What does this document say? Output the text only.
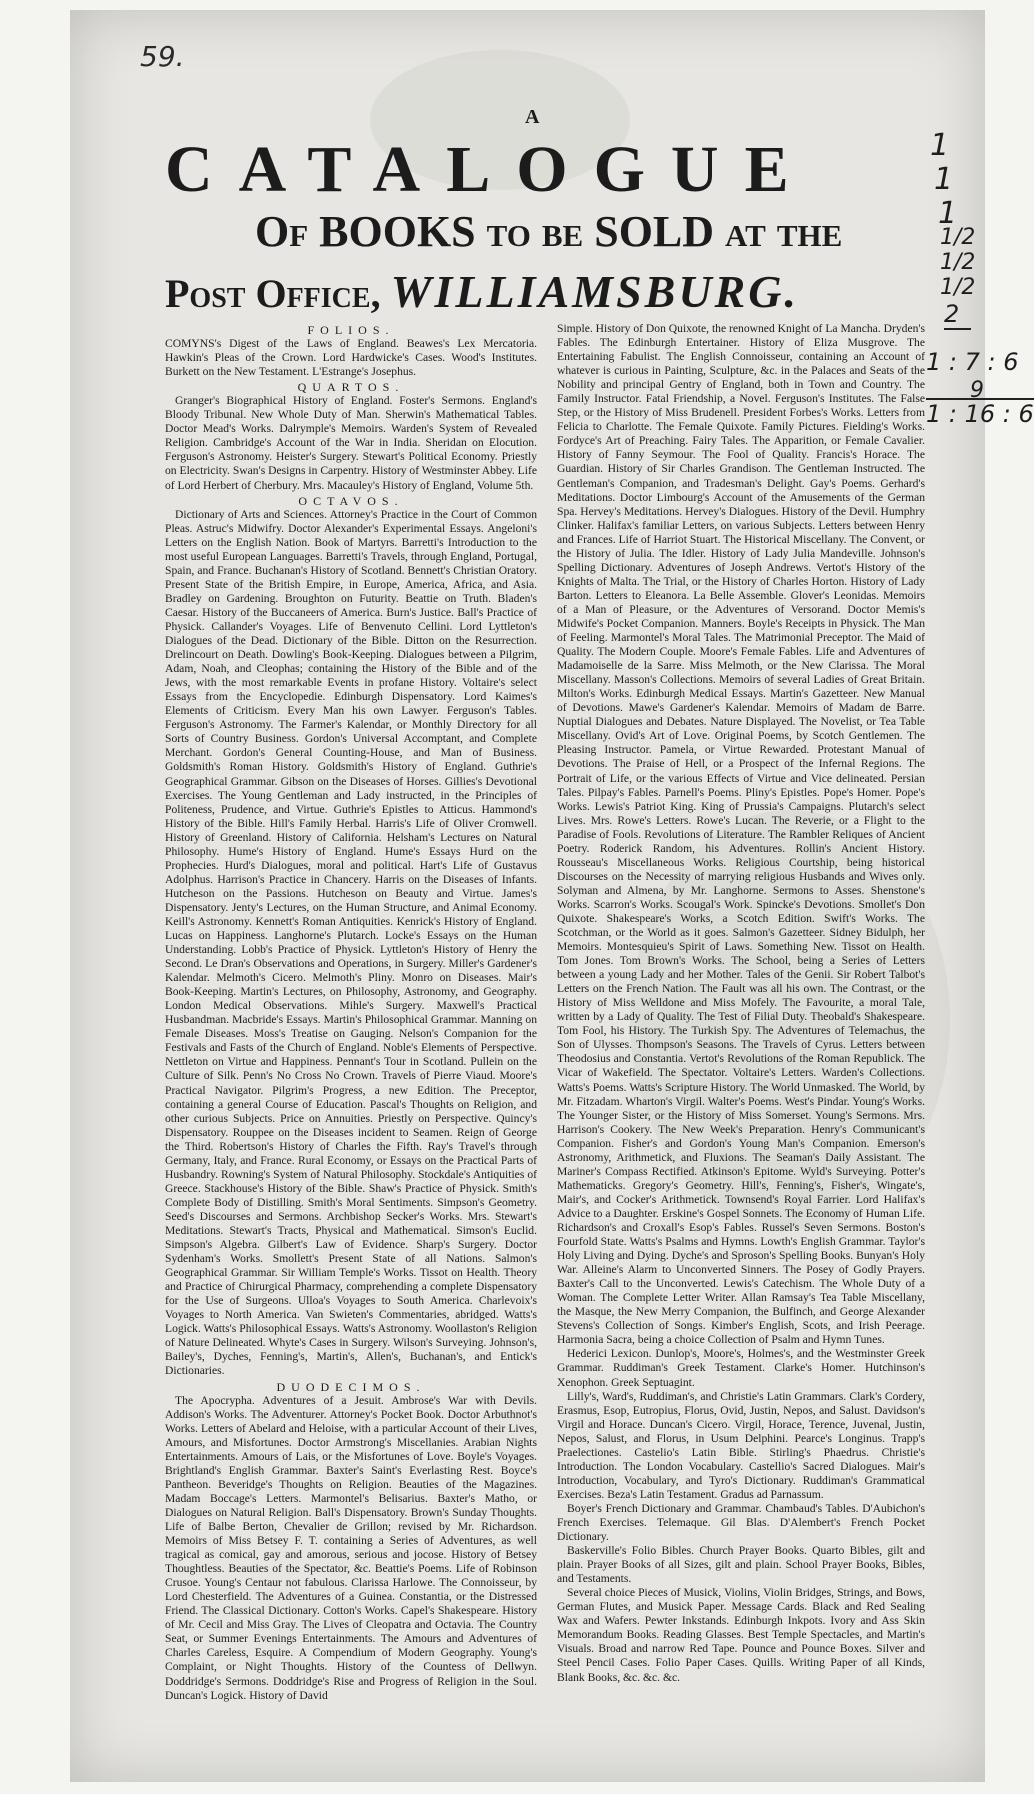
59.
A
CATALOGUE
Of BOOKS to be SOLD at the
Post Office, WILLIAMSBURG.
FOLIOS.

COMYNS's Digest of the Laws of England. Beawes's Lex Mercatoria. Hawkin's Pleas of the Crown. Lord Hardwicke's Cases. Wood's Institutes. Burkett on the New Testament. L'Estrange's Josephus.

QUARTOS.

Granger's Biographical History of England. Foster's Sermons. England's Bloody Tribunal. New Whole Duty of Man. Sherwin's Mathematical Tables. Doctor Mead's Works. Dalrymple's Memoirs. Warden's System of Revealed Religion. Cambridge's Account of the War in India. Sheridan on Elocution. Ferguson's Astronomy. Heister's Surgery. Stewart's Political Economy. Priestly on Electricity. Swan's Designs in Carpentry. History of Westminster Abbey. Life of Lord Herbert of Cherbury. Mrs. Macauley's History of England, Volume 5th.

OCTAVOS.

Dictionary of Arts and Sciences. Attorney's Practice in the Court of Common Pleas. Astruc's Midwifry. Doctor Alexander's Experimental Essays. Angeloni's Letters on the English Nation. Book of Martyrs. Barretti's Introduction to the most useful European Languages. Barretti's Travels, through England, Portugal, Spain, and France. Buchanan's History of Scotland. Bennett's Christian Oratory. Present State of the British Empire, in Europe, America, Africa, and Asia. Bradley on Gardening. Broughton on Futurity. Beattie on Truth. Bladen's Caesar. History of the Buccaneers of America. Burn's Justice. Ball's Practice of Physick. Callander's Voyages. Life of Benvenuto Cellini. Lord Lyttleton's Dialogues of the Dead. Dictionary of the Bible. Ditton on the Resurrection. Drelincourt on Death. Dowling's Book-Keeping. Dialogues between a Pilgrim, Adam, Noah, and Cleophas; containing the History of the Bible and of the Jews, with the most remarkable Events in profane History. Voltaire's select Essays from the Encyclopedie. Edinburgh Dispensatory. Lord Kaimes's Elements of Criticism. Every Man his own Lawyer. Ferguson's Tables. Ferguson's Astronomy. The Farmer's Kalendar, or Monthly Directory for all Sorts of Country Business. Gordon's Universal Accomptant, and Complete Merchant. Gordon's General Counting-House, and Man of Business. Goldsmith's Roman History. Goldsmith's History of England. Guthrie's Geographical Grammar. Gibson on the Diseases of Horses. Gillies's Devotional Exercises. The Young Gentleman and Lady instructed, in the Principles of Politeness, Prudence, and Virtue. Guthrie's Epistles to Atticus. Hammond's History of the Bible. Hill's Family Herbal. Harris's Life of Oliver Cromwell. History of Greenland. History of California. Helsham's Lectures on Natural Philosophy. Hume's History of England. Hume's Essays Hurd on the Prophecies. Hurd's Dialogues, moral and political. Hart's Life of Gustavus Adolphus. Harrison's Practice in Chancery. Harris on the Diseases of Infants. Hutcheson on the Passions. Hutcheson on Beauty and Virtue. James's Dispensatory. Jenty's Lectures, on the Human Structure, and Animal Economy. Keill's Astronomy. Kennett's Roman Antiquities. Kenrick's History of England. Lucas on Happiness. Langhorne's Plutarch. Locke's Essays on the Human Understanding. Lobb's Practice of Physick. Lyttleton's History of Henry the Second. Le Dran's Observations and Operations, in Surgery. Miller's Gardener's Kalendar. Melmoth's Cicero. Melmoth's Pliny. Monro on Diseases. Mair's Book-Keeping. Martin's Lectures, on Philosophy, Astronomy, and Geography. London Medical Observations. Mihle's Surgery. Maxwell's Practical Husbandman. Macbride's Essays. Martin's Philosophical Grammar. Manning on Female Diseases. Moss's Treatise on Gauging. Nelson's Companion for the Festivals and Fasts of the Church of England. Noble's Elements of Perspective. Nettleton on Virtue and Happiness. Pennant's Tour in Scotland. Pullein on the Culture of Silk. Penn's No Cross No Crown. Travels of Pierre Viaud. Moore's Practical Navigator. Pilgrim's Progress, a new Edition. The Preceptor, containing a general Course of Education. Pascal's Thoughts on Religion, and other curious Subjects. Price on Annuities. Priestly on Perspective. Quincy's Dispensatory. Rouppee on the Diseases incident to Seamen. Reign of George the Third. Robertson's History of Charles the Fifth. Ray's Travel's through Germany, Italy, and France. Rural Economy, or Essays on the Practical Parts of Husbandry. Rowning's System of Natural Philosophy. Stockdale's Antiquities of Greece. Stackhouse's History of the Bible. Shaw's Practice of Physick. Smith's Complete Body of Distilling. Smith's Moral Sentiments. Simpson's Geometry. Seed's Discourses and Sermons. Archbishop Secker's Works. Mrs. Stewart's Meditations. Stewart's Tracts, Physical and Mathematical. Simson's Euclid. Simpson's Algebra. Gilbert's Law of Evidence. Sharp's Surgery. Doctor Sydenham's Works. Smollett's Present State of all Nations. Salmon's Geographical Grammar. Sir William Temple's Works. Tissot on Health. Theory and Practice of Chirurgical Pharmacy, comprehending a complete Dispensatory for the Use of Surgeons. Ulloa's Voyages to South America. Charlevoix's Voyages to North America. Van Swieten's Commentaries, abridged. Watts's Logick. Watts's Philosophical Essays. Watts's Astronomy. Woollaston's Religion of Nature Delineated. Whyte's Cases in Surgery. Wilson's Surveying. Johnson's, Bailey's, Dyches, Fenning's, Martin's, Allen's, Buchanan's, and Entick's Dictionaries.

DUODECIMOS.

The Apocrypha. Adventures of a Jesuit. Ambrose's War with Devils. Addison's Works. The Adventurer. Attorney's Pocket Book. Doctor Arbuthnot's Works. Letters of Abelard and Heloise, with a particular Account of their Lives, Amours, and Misfortunes. Doctor Armstrong's Miscellanies. Arabian Nights Entertainments. Amours of Lais, or the Misfortunes of Love. Boyle's Voyages. Brightland's English Grammar. Baxter's Saint's Everlasting Rest. Boyce's Pantheon. Beveridge's Thoughts on Religion. Beauties of the Magazines. Madam Boccage's Letters. Marmontel's Belisarius. Baxter's Matho, or Dialogues on Natural Religion. Ball's Dispensatory. Brown's Sunday Thoughts. Life of Balbe Berton, Chevalier de Grillon; revised by Mr. Richardson. Memoirs of Miss Betsey F. T. containing a Series of Adventures, as well tragical as comical, gay and amorous, serious and jocose. History of Betsey Thoughtless. Beauties of the Spectator, &c. Beattie's Poems. Life of Robinson Crusoe. Young's Centaur not fabulous. Clarissa Harlowe. The Connoisseur, by Lord Chesterfield. The Adventures of a Guinea. Constantia, or the Distressed Friend. The Classical Dictionary. Cotton's Works. Capel's Shakespeare. History of Mr. Cecil and Miss Gray. The Lives of Cleopatra and Octavia. The Country Seat, or Summer Evenings Entertainments. The Amours and Adventures of Charles Careless, Esquire. A Compendium of Modern Geography. Young's Complaint, or Night Thoughts. History of the Countess of Dellwyn. Doddridge's Sermons. Doddridge's Rise and Progress of Religion in the Soul. Duncan's Logick. History of David

Simple. History of Don Quixote, the renowned Knight of La Mancha. Dryden's Fables. The Edinburgh Entertainer. History of Eliza Musgrove. The Entertaining Fabulist. The English Connoisseur, containing an Account of whatever is curious in Painting, Sculpture, &c. in the Palaces and Seats of the Nobility and principal Gentry of England, both in Town and Country. The Family Instructor. Fatal Friendship, a Novel. Ferguson's Institutes. The False Step, or the History of Miss Brudenell. President Forbes's Works. Letters from Felicia to Charlotte. The Female Quixote. Family Pictures. Fielding's Works. Fordyce's Art of Preaching. Fairy Tales. The Apparition, or Female Cavalier. History of Fanny Seymour. The Fool of Quality. Francis's Horace. The Guardian. History of Sir Charles Grandison. The Gentleman Instructed. The Gentleman's Companion, and Tradesman's Delight. Gay's Poems. Gerhard's Meditations. Doctor Limbourg's Account of the Amusements of the German Spa. Hervey's Meditations. Hervey's Dialogues. History of the Devil. Humphry Clinker. Halifax's familiar Letters, on various Subjects. Letters between Henry and Frances. Life of Harriot Stuart. The Historical Miscellany. The Convent, or the History of Julia. The Idler. History of Lady Julia Mandeville. Johnson's Spelling Dictionary. Adventures of Joseph Andrews. Vertot's History of the Knights of Malta. The Trial, or the History of Charles Horton. History of Lady Barton. Letters to Eleanora. La Belle Assemble. Glover's Leonidas. Memoirs of a Man of Pleasure, or the Adventures of Versorand. Doctor Memis's Midwife's Pocket Companion. Manners. Boyle's Receipts in Physick. The Man of Feeling. Marmontel's Moral Tales. The Matrimonial Preceptor. The Maid of Quality. The Modern Couple. Moore's Female Fables. Life and Adventures of Madamoiselle de la Sarre. Miss Melmoth, or the New Clarissa. The Moral Miscellany. Masson's Collections. Memoirs of several Ladies of Great Britain. Milton's Works. Edinburgh Medical Essays. Martin's Gazetteer. New Manual of Devotions. Mawe's Gardener's Kalendar. Memoirs of Madam de Barre. Nuptial Dialogues and Debates. Nature Displayed. The Novelist, or Tea Table Miscellany. Ovid's Art of Love. Original Poems, by Scotch Gentlemen. The Pleasing Instructor. Pamela, or Virtue Rewarded. Protestant Manual of Devotions. The Praise of Hell, or a Prospect of the Infernal Regions. The Portrait of Life, or the various Effects of Virtue and Vice delineated. Persian Tales. Pilpay's Fables. Parnell's Poems. Pliny's Epistles. Pope's Homer. Pope's Works. Lewis's Patriot King. King of Prussia's Campaigns. Plutarch's select Lives. Mrs. Rowe's Letters. Rowe's Lucan. The Reverie, or a Flight to the Paradise of Fools. Revolutions of Literature. The Rambler Reliques of Ancient Poetry. Roderick Random, his Adventures. Rollin's Ancient History. Rousseau's Miscellaneous Works. Religious Courtship, being historical Discourses on the Necessity of marrying religious Husbands and Wives only. Solyman and Almena, by Mr. Langhorne. Sermons to Asses. Shenstone's Works. Scarron's Works. Scougal's Work. Spincke's Devotions. Smollet's Don Quixote. Shakespeare's Works, a Scotch Edition. Swift's Works. The Scotchman, or the World as it goes. Salmon's Gazetteer. Sidney Bidulph, her Memoirs. Montesquieu's Spirit of Laws. Something New. Tissot on Health. Tom Jones. Tom Brown's Works. The School, being a Series of Letters between a young Lady and her Mother. Tales of the Genii. Sir Robert Talbot's Letters on the French Nation. The Fault was all his own. The Contrast, or the History of Miss Welldone and Miss Mofely. The Favourite, a moral Tale, written by a Lady of Quality. The Test of Filial Duty. Theobald's Shakespeare. Tom Fool, his History. The Turkish Spy. The Adventures of Telemachus, the Son of Ulysses. Thompson's Seasons. The Travels of Cyrus. Letters between Theodosius and Constantia. Vertot's Revolutions of the Roman Republick. The Vicar of Wakefield. The Spectator. Voltaire's Letters. Warden's Collections. Watts's Poems. Watts's Scripture History. The World Unmasked. The World, by Mr. Fitzadam. Wharton's Virgil. Walter's Poems. West's Pindar. Young's Works. The Younger Sister, or the History of Miss Somerset. Young's Sermons. Mrs. Harrison's Cookery. The New Week's Preparation. Henry's Communicant's Companion. Fisher's and Gordon's Young Man's Companion. Emerson's Astronomy, Arithmetick, and Fluxions. The Seaman's Daily Assistant. The Mariner's Compass Rectified. Atkinson's Epitome. Wyld's Surveying. Potter's Mathematicks. Gregory's Geometry. Hill's, Fenning's, Fisher's, Wingate's, Mair's, and Cocker's Arithmetick. Townsend's Royal Farrier. Lord Halifax's Advice to a Daughter. Erskine's Gospel Sonnets. The Economy of Human Life. Richardson's and Croxall's Esop's Fables. Russel's Seven Sermons. Boston's Fourfold State. Watts's Psalms and Hymns. Lowth's English Grammar. Taylor's Holy Living and Dying. Dyche's and Sproson's Spelling Books. Bunyan's Holy War. Alleine's Alarm to Unconverted Sinners. The Posey of Godly Prayers. Baxter's Call to the Unconverted. Lewis's Catechism. The Whole Duty of a Woman. The Complete Letter Writer. Allan Ramsay's Tea Table Miscellany, the Masque, the New Merry Companion, the Bulfinch, and George Alexander Stevens's Collection of Songs. Kimber's English, Scots, and Irish Peerage. Harmonia Sacra, being a choice Collection of Psalm and Hymn Tunes.

Hederici Lexicon. Dunlop's, Moore's, Holmes's, and the Westminster Greek Grammar. Ruddiman's Greek Testament. Clarke's Homer. Hutchinson's Xenophon. Greek Septuagint.

Lilly's, Ward's, Ruddiman's, and Christie's Latin Grammars. Clark's Cordery, Erasmus, Esop, Eutropius, Florus, Ovid, Justin, Nepos, and Salust. Davidson's Virgil and Horace. Duncan's Cicero. Virgil, Horace, Terence, Juvenal, Justin, Nepos, Salust, and Florus, in Usum Delphini. Pearce's Longinus. Trapp's Praelectiones. Castelio's Latin Bible. Stirling's Phaedrus. Christie's Introduction. The London Vocabulary. Castellio's Sacred Dialogues. Mair's Introduction, Vocabulary, and Tyro's Dictionary. Ruddiman's Grammatical Exercises. Beza's Latin Testament. Gradus ad Parnassum.

Boyer's French Dictionary and Grammar. Chambaud's Tables. D'Aubichon's French Exercises. Telemaque. Gil Blas. D'Alembert's French Pocket Dictionary.

Baskerville's Folio Bibles. Church Prayer Books. Quarto Bibles, gilt and plain. Prayer Books of all Sizes, gilt and plain. School Prayer Books, Bibles, and Testaments.

Several choice Pieces of Musick, Violins, Violin Bridges, Strings, and Bows, German Flutes, and Musick Paper. Message Cards. Black and Red Sealing Wax and Wafers. Pewter Inkstands. Edinburgh Inkpots. Ivory and Ass Skin Memorandum Books. Reading Glasses. Best Temple Spectacles, and Martin's Visuals. Broad and narrow Red Tape. Pounce and Pounce Boxes. Silver and Steel Pencil Cases. Folio Paper Cases. Quills. Writing Paper of all Kinds, Blank Books, &c. &c. &c.

1
1
1
1/2
1/2
1/2
2
1 : 7 : 6
9
1 : 16 : 6
